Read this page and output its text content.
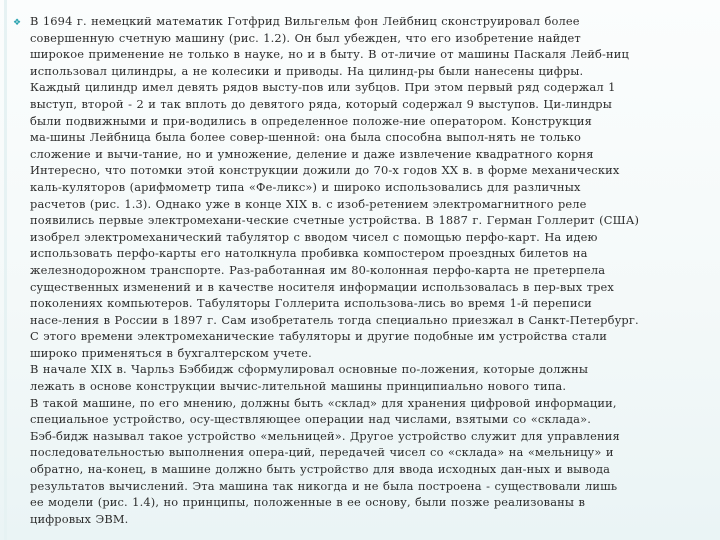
❖ В 1694 г. немецкий математик Готфрид Вильгельм фон Лейбниц сконструировал более
совершенную счетную машину (рис. 1.2). Он был убежден, что его изобретение найдет
широкое применение не только в науке, но и в быту. В от-личие от машины Паскаля Лейб-ниц
использовал цилиндры, а не колесики и приводы. На цилинд-ры были нанесены цифры.
Каждый цилиндр имел девять рядов высту-пов или зубцов. При этом первый ряд содержал 1
выступ, второй - 2 и так вплоть до девятого ряда, который содержал 9 выступов. Ци-линдры
были подвижными и при-водились в определенное положе-ние оператором. Конструкция
ма-шины Лейбница была более совер-шенной: она была способна выпол-нять не только
сложение и вычи-тание, но и умножение, деление и даже извлечение квадратного корня
Интересно, что потомки этой конструкции дожили до 70-х годов XX в. в форме механических
каль-куляторов (арифмометр типа «Фе-ликс») и широко использовались для различных
расчетов (рис. 1.3). Однако уже в конце XIX в. с изоб-ретением электромагнитного реле
появились первые электромехани-ческие счетные устройства. В 1887 г. Герман Голлерит (США)
изобрел электромеханический табулятор с вводом чисел с помощью перфо-карт. На идею
использовать перфо-карты его натолкнула пробивка компостером проездных билетов на
железнодорожном транспорте. Раз-работанная им 80-колонная перфо-карта не претерпела
существенных изменений и в качестве носителя информации использовалась в пер-вых трех
поколениях компьютеров. Табуляторы Голлерита использова-лись во время 1-й переписи
насе-ления в России в 1897 г. Сам изобретатель тогда специально приезжал в Санкт-Петербург.
С этого времени электромеханические табуляторы и другие подобные им устройства стали
широко применяться в бухгалтерском учете.

В начале XIX в. Чарльз Бэббидж сформулировал основные по-ложения, которые должны
лежать в основе конструкции вычис-лительной машины принципиально нового типа.

В такой машине, по его мнению, должны быть «склад» для хранения цифровой информации,
специальное устройство, осу-ществляющее операции над числами, взятыми со «склада».
Бэб-бидж называл такое устройство «мельницей». Другое устройство служит для управления
последовательностью выполнения опера-ций, передачей чисел со «склада» на «мельницу» и
обратно, на-конец, в машине должно быть устройство для ввода исходных дан-ных и вывода
результатов вычислений. Эта машина так никогда и не была построена - существовали лишь
ее модели (рис. 1.4), но принципы, положенные в ее основу, были позже реализованы в
цифровых ЭВМ.
